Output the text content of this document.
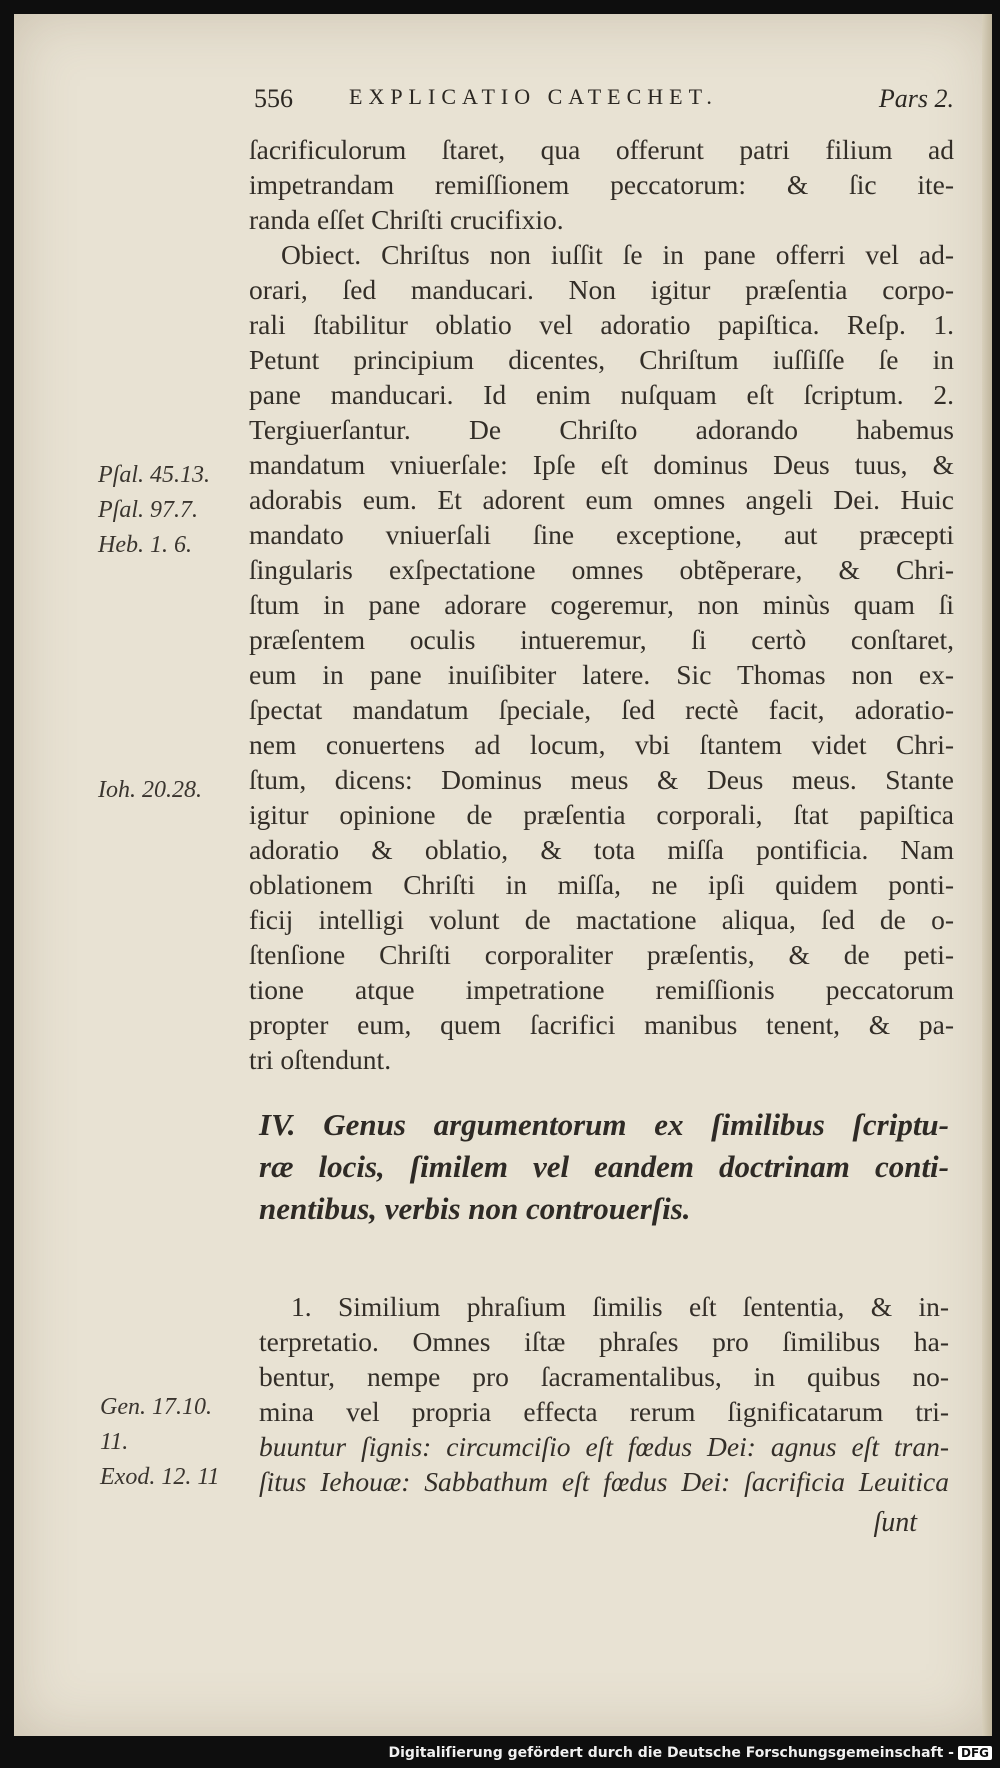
556	EXPLICATIO CATECHET.	Pars 2.
ſacrificulorum ſtaret, qua offerunt patri filium ad
impetrandam remiſſionem peccatorum: & ſic ite-
randa eſſet Chriſti crucifixio.
Obiect. Chriſtus non iuſſit ſe in pane offerri vel ad-
orari, ſed manducari. Non igitur præſentia corpo-
rali ſtabilitur oblatio vel adoratio papiſtica. Reſp. 1.
Petunt principium dicentes, Chriſtum iuſſiſſe ſe in
pane manducari. Id enim nuſquam eſt ſcriptum. 2.
Tergiuerſantur. De Chriſto adorando habemus
mandatum vniuerſale: Ipſe eſt dominus Deus tuus, &
adorabis eum. Et adorent eum omnes angeli Dei. Huic
mandato vniuerſali ſine exceptione, aut præcepti
ſingularis exſpectatione omnes obtẽperare, & Chri-
ſtum in pane adorare cogeremur, non minùs quam ſi
præſentem oculis intueremur, ſi certò conſtaret,
eum in pane inuiſibiter latere. Sic Thomas non ex-
ſpectat mandatum ſpeciale, ſed rectè facit, adoratio-
nem conuertens ad locum, vbi ſtantem videt Chri-
ſtum, dicens: Dominus meus & Deus meus. Stante
igitur opinione de præſentia corporali, ſtat papiſtica
adoratio & oblatio, & tota miſſa pontificia. Nam
oblationem Chriſti in miſſa, ne ipſi quidem ponti-
ficij intelligi volunt de mactatione aliqua, ſed de o-
ſtenſione Chriſti corporaliter præſentis, & de peti-
tione atque impetratione remiſſionis peccatorum
propter eum, quem ſacrifici manibus tenent, & pa-
tri oſtendunt.
Pſal. 45.13.
Pſal. 97.7.
Heb. 1. 6.
Ioh. 20.28.
IV. Genus argumentorum ex ſimilibus ſcriptu-
ræ locis, ſimilem vel eandem doctrinam conti-
nentibus, verbis non controuerſis.
1. Similium phraſium ſimilis eſt ſententia, & in-
terpretatio. Omnes iſtæ phraſes pro ſimilibus ha-
bentur, nempe pro ſacramentalibus, in quibus no-
mina vel propria effecta rerum ſignificatarum tri-
buuntur ſignis: circumciſio eſt fœdus Dei: agnus eſt tran-
ſitus Iehouæ: Sabbathum eſt fœdus Dei: ſacrificia Leuitica
Gen. 17.10.
11.
Exod. 12. 11
ſunt
Digitaliſierung gefördert durch die Deutsche Forschungsgemeinschaft - DFG
